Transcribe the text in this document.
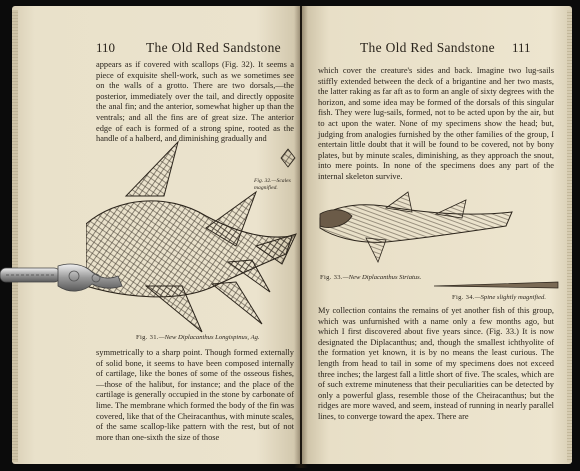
110 The Old Red Sandstone

appears as if covered with scallops (Fig. 32). It seems a piece of exquisite shell-work, such as we sometimes see on the walls of a grotto. There are two dorsals,—the posterior, immediately over the tail, and directly opposite the anal fin; and the anterior, somewhat higher up than the ventrals; and all the fins are of great size. The anterior edge of each is formed of a strong spine, rooted as the handle of a halberd, and diminishing gradually and

Fig. 32.—Scales magnified.
Fig. 31.—New Diplacanthus Longispinus, Ag.

symmetrically to a sharp point. Though formed externally of solid bone, it seems to have been composed internally of cartilage, like the bones of some of the osseous fishes,—those of the halibut, for instance; and the place of the cartilage is generally occupied in the stone by carbonate of lime. The membrane which formed the body of the fin was covered, like that of the Cheiracanthus, with minute scales, of the same scallop-like pattern with the rest, but of not more than one-sixth the size of those

The Old Red Sandstone 111

which cover the creature's sides and back. Imagine two lug-sails stiffly extended between the deck of a brigantine and her two masts, the latter raking as far aft as to form an angle of sixty degrees with the horizon, and some idea may be formed of the dorsals of this singular fish. They were lug-sails, formed, not to be acted upon by the air, but to act upon the water. None of my specimens show the head; but, judging from analogies furnished by the other families of the group, I entertain little doubt that it will be found to be covered, not by bony plates, but by minute scales, diminishing, as they approach the snout, into mere points. In none of the specimens does any part of the internal skeleton survive.

Fig. 33.—New Diplacanthus Striatus.
Fig. 34.—Spine slightly magnified.

My collection contains the remains of yet another fish of this group, which was unfurnished with a name only a few months ago, but which I first discovered about five years since. (Fig. 33.) It is now designated the Diplacanthus; and, though the smallest ichthyolite of the formation yet known, it is by no means the least curious. The length from head to tail in some of my specimens does not exceed three inches; the largest fall a little short of five. The scales, which are of such extreme minuteness that their peculiarities can be detected by only a powerful glass, resemble those of the Cheiracanthus; but the ridges are more waved, and seem, instead of running in nearly parallel lines, to converge toward the apex. There are
